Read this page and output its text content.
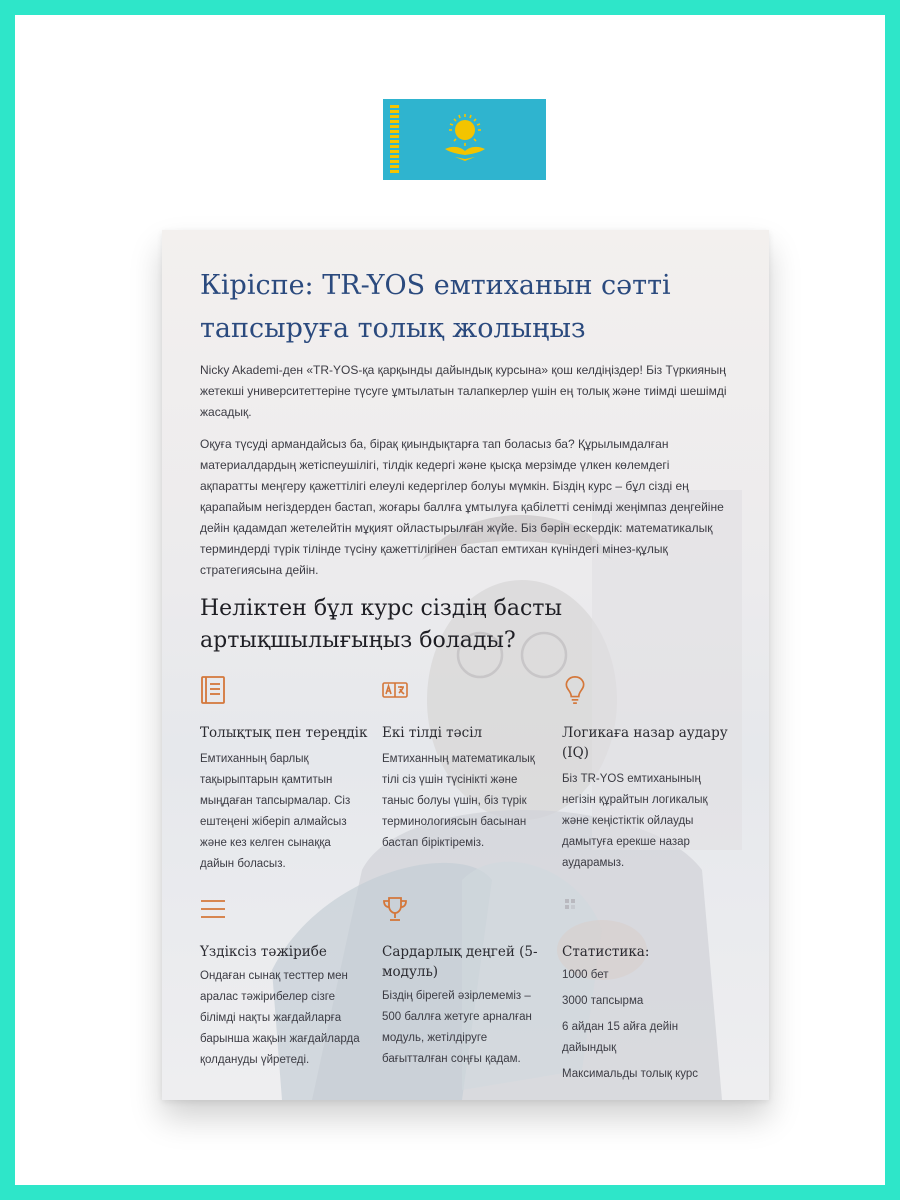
Кіріспе: TR-YOS емтиханын сәтті тапсыруға толық жолыңыз

Nicky Akademi-ден «TR-YOS-қа қарқынды дайындық курсына» қош келдіңіздер! Біз Түркияның жетекші университеттеріне түсуге ұмтылатын талапкерлер үшін ең толық және тиімді шешімді жасадық.

Оқуға түсуді армандайсыз ба, бірақ қиындықтарға тап боласыз ба? Құрылымдалған материалдардың жетіспеушілігі, тілдік кедергі және қысқа мерзімде үлкен көлемдегі ақпаратты меңгеру қажеттілігі елеулі кедергілер болуы мүмкін. Біздің курс – бұл сізді ең қарапайым негіздерден бастап, жоғары баллға ұмтылуға қабілетті сенімді жеңімпаз деңгейіне дейін қадамдап жетелейтін мұқият ойластырылған жүйе. Біз бәрін ескердік: математикалық терминдерді түрік тілінде түсіну қажеттілігінен бастап емтихан күніндегі мінез-құлық стратегиясына дейін.

Неліктен бұл курс сіздің басты артықшылығыңыз болады?
Толықтық пен тереңдік
Емтиханның барлық тақырыптарын қамтитын мыңдаған тапсырмалар. Сіз ештеңені жіберіп алмайсыз және кез келген сынаққа дайын боласыз.
Екі тілді тәсіл
Емтиханның математикалық тілі сіз үшін түсінікті және таныс болуы үшін, біз түрік терминологиясын басынан бастап біріктіреміз.
Логикаға назар аудару (IQ)
Біз TR-YOS емтиханының негізін құрайтын логикалық және кеңістіктік ойлауды дамытуға ерекше назар аударамыз.
Үздіксіз тәжірибе
Ондаған сынақ тесттер мен аралас тәжірибелер сізге білімді нақты жағдайларға барынша жақын жағдайларда қолдануды үйретеді.
Сардарлық деңгей (5-модуль)
Біздің бірегей әзірлемеміз – 500 баллға жетуге арналған модуль, жетілдіруге бағытталған соңғы қадам.
Статистика:
1000 бет
3000 тапсырма
6 айдан 15 айға дейін дайындық
Максимальды толық курс
